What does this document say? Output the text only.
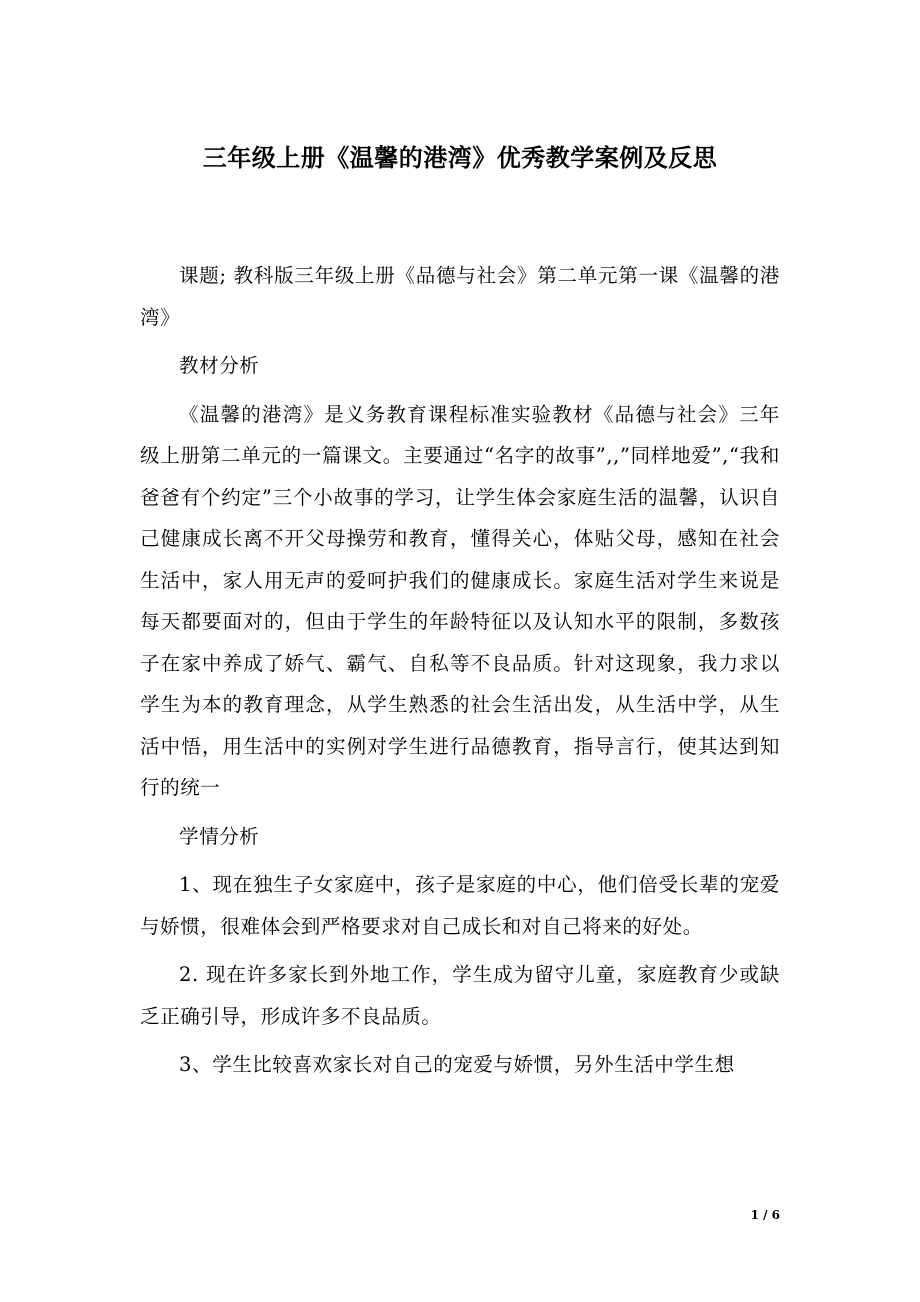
三年级上册《温馨的港湾》优秀教学案例及反思

课题; 教科版三年级上册《品德与社会》第二单元第一课《温馨的港湾》

教材分析

《温馨的港湾》是义务教育课程标准实验教材《品德与社会》三年级上册第二单元的一篇课文。主要通过“名字的故事”,,”同样地爱”,“我和爸爸有个约定”三个小故事的学习，让学生体会家庭生活的温馨，认识自己健康成长离不开父母操劳和教育，懂得关心，体贴父母，感知在社会生活中，家人用无声的爱呵护我们的健康成长。家庭生活对学生来说是每天都要面对的，但由于学生的年龄特征以及认知水平的限制，多数孩子在家中养成了娇气、霸气、自私等不良品质。针对这现象，我力求以学生为本的教育理念，从学生熟悉的社会生活出发，从生活中学，从生活中悟，用生活中的实例对学生进行品德教育，指导言行，使其达到知行的统一

学情分析

1、现在独生子女家庭中，孩子是家庭的中心，他们倍受长辈的宠爱与娇惯，很难体会到严格要求对自己成长和对自己将来的好处。

2. 现在许多家长到外地工作，学生成为留守儿童，家庭教育少或缺乏正确引导，形成许多不良品质。

3、学生比较喜欢家长对自己的宠爱与娇惯，另外生活中学生想

1 / 6
